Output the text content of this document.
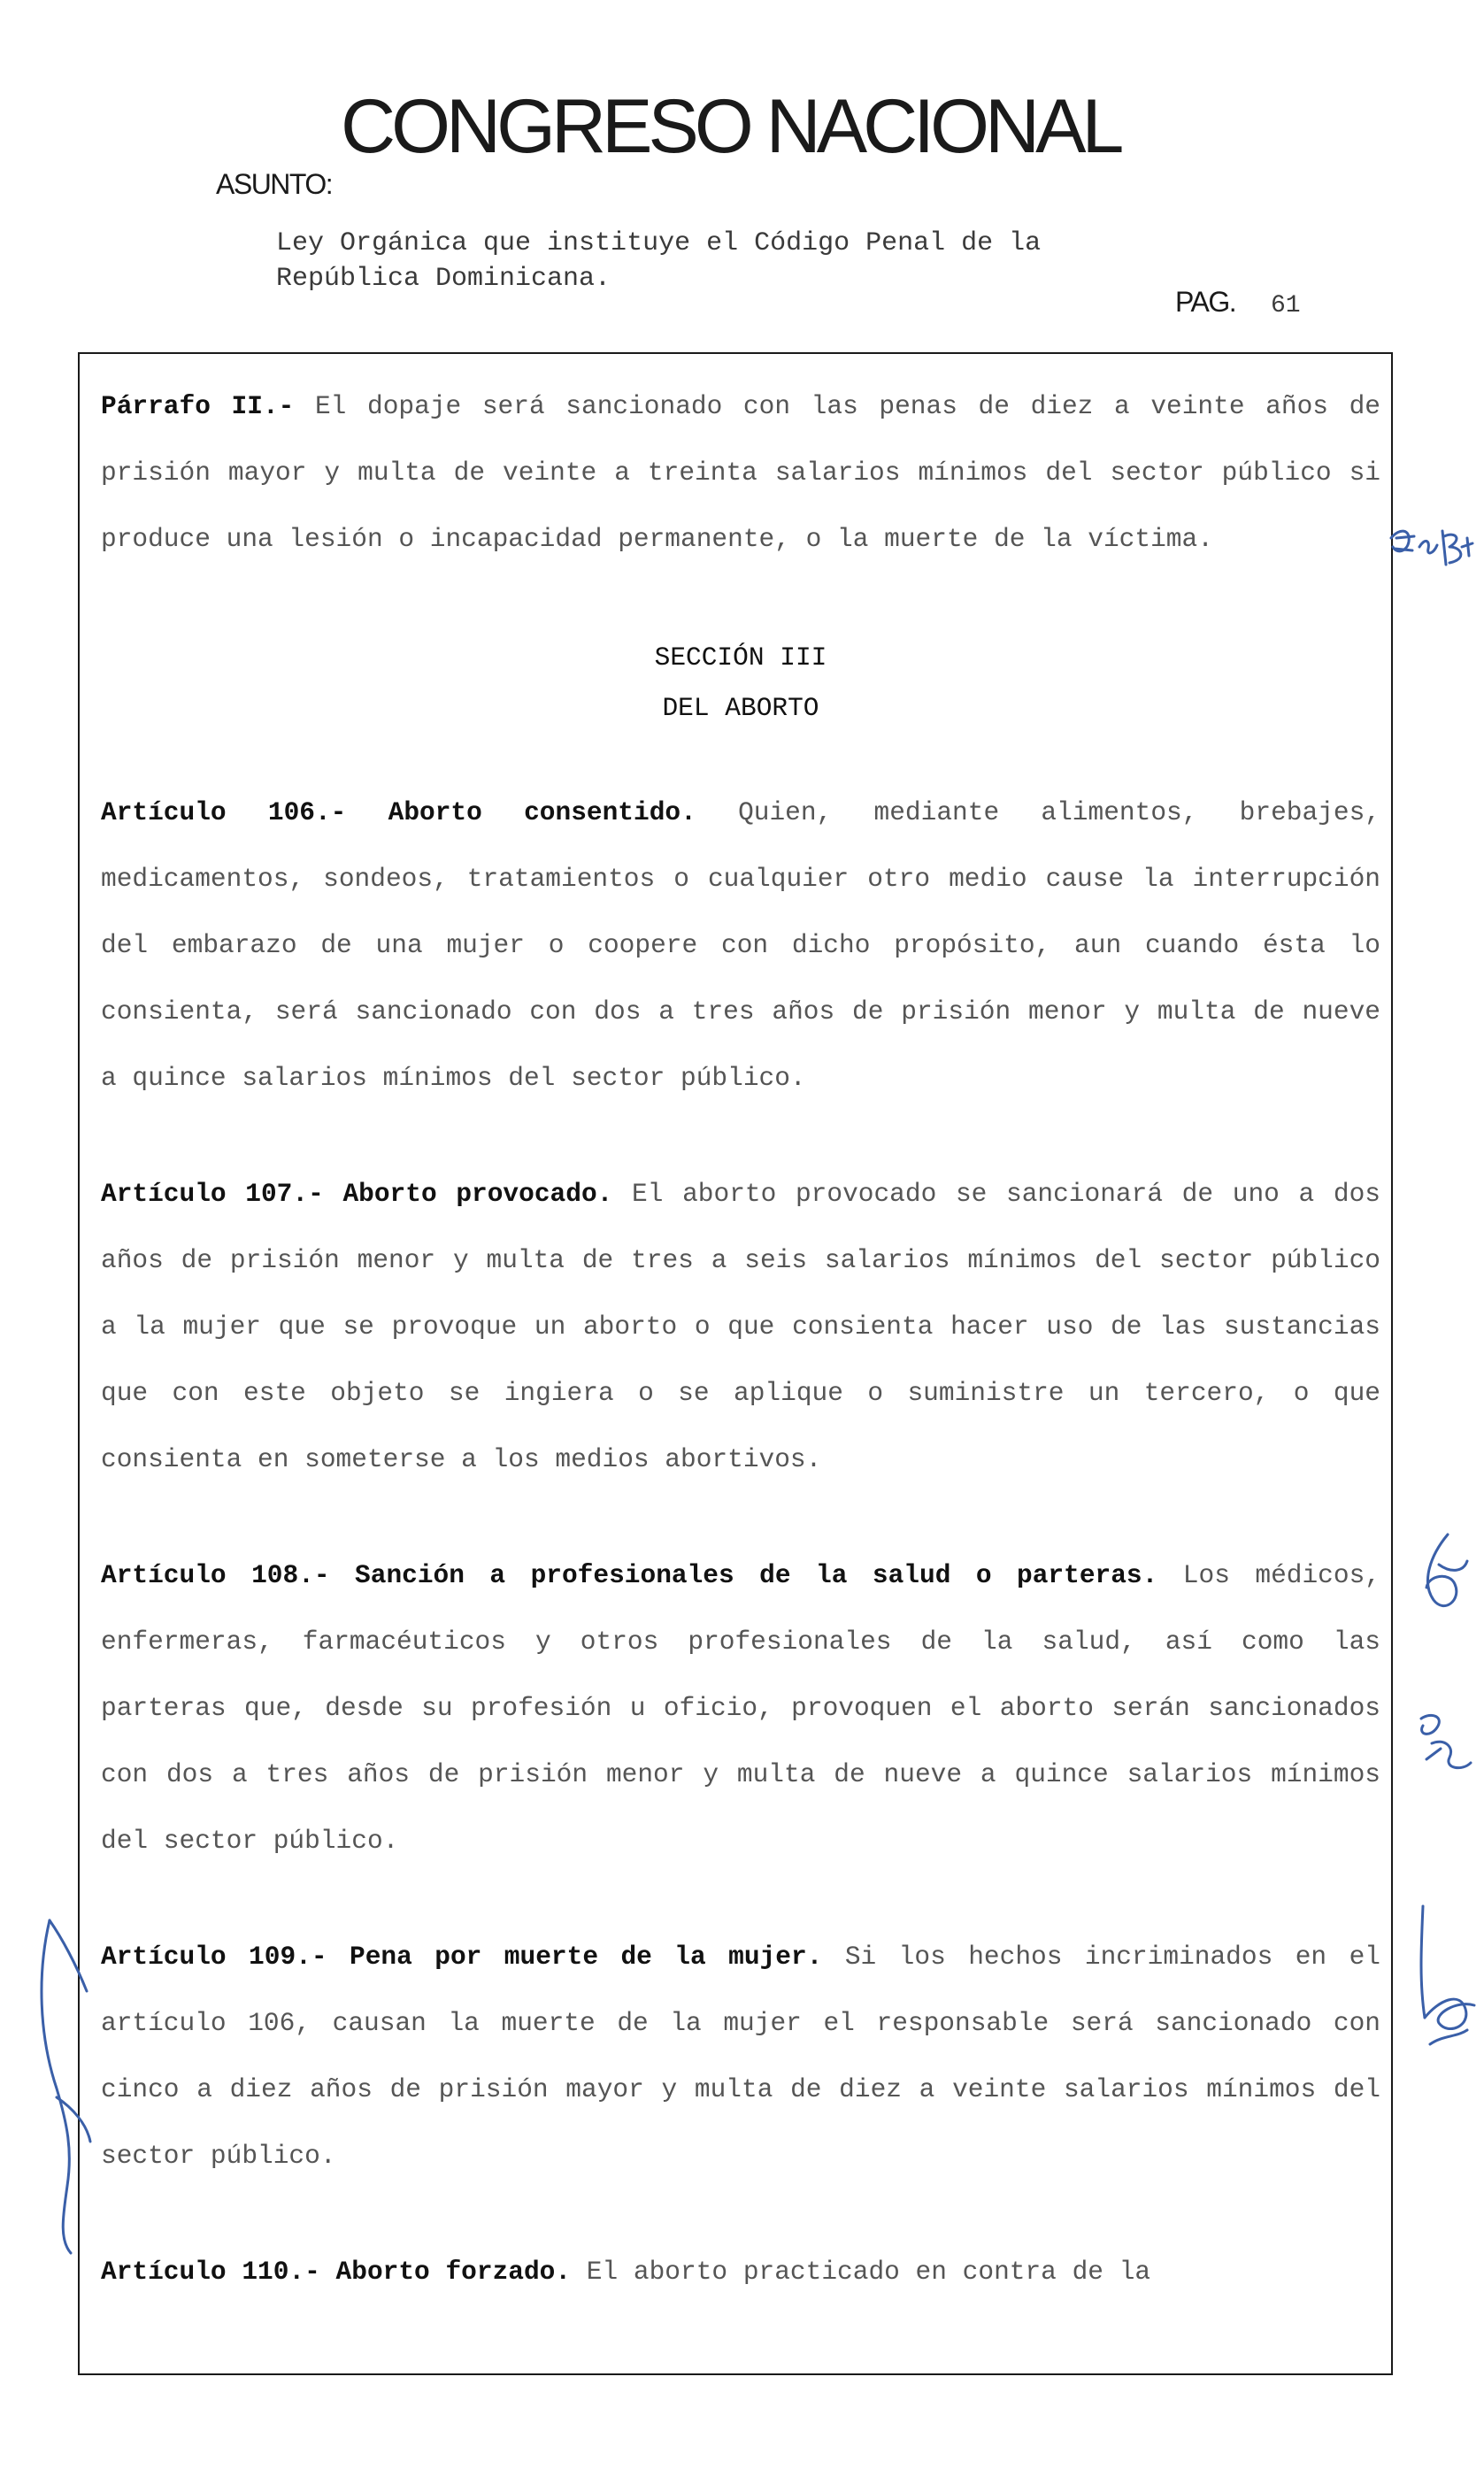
CONGRESO NACIONAL
ASUNTO:
Ley Orgánica que instituye el Código Penal de la
República Dominicana.
PAG. 61

Párrafo II.- El dopaje será sancionado con las penas de diez a veinte años de prisión mayor y multa de veinte a treinta salarios mínimos del sector público si produce una lesión o incapacidad permanente, o la muerte de la víctima.

SECCIÓN III

DEL ABORTO

Artículo 106.- Aborto consentido. Quien, mediante alimentos, brebajes, medicamentos, sondeos, tratamientos o cualquier otro medio cause la interrupción del embarazo de una mujer o coopere con dicho propósito, aun cuando ésta lo consienta, será sancionado con dos a tres años de prisión menor y multa de nueve a quince salarios mínimos del sector público.

Artículo 107.- Aborto provocado. El aborto provocado se sancionará de uno a dos años de prisión menor y multa de tres a seis salarios mínimos del sector público a la mujer que se provoque un aborto o que consienta hacer uso de las sustancias que con este objeto se ingiera o se aplique o suministre un tercero, o que consienta en someterse a los medios abortivos.

Artículo 108.- Sanción a profesionales de la salud o parteras. Los médicos, enfermeras, farmacéuticos y otros profesionales de la salud, así como las parteras que, desde su profesión u oficio, provoquen el aborto serán sancionados con dos a tres años de prisión menor y multa de nueve a quince salarios mínimos del sector público.

Artículo 109.- Pena por muerte de la mujer. Si los hechos incriminados en el artículo 106, causan la muerte de la mujer el responsable será sancionado con cinco a diez años de prisión mayor y multa de diez a veinte salarios mínimos del sector público.

Artículo 110.- Aborto forzado. El aborto practicado en contra de la
